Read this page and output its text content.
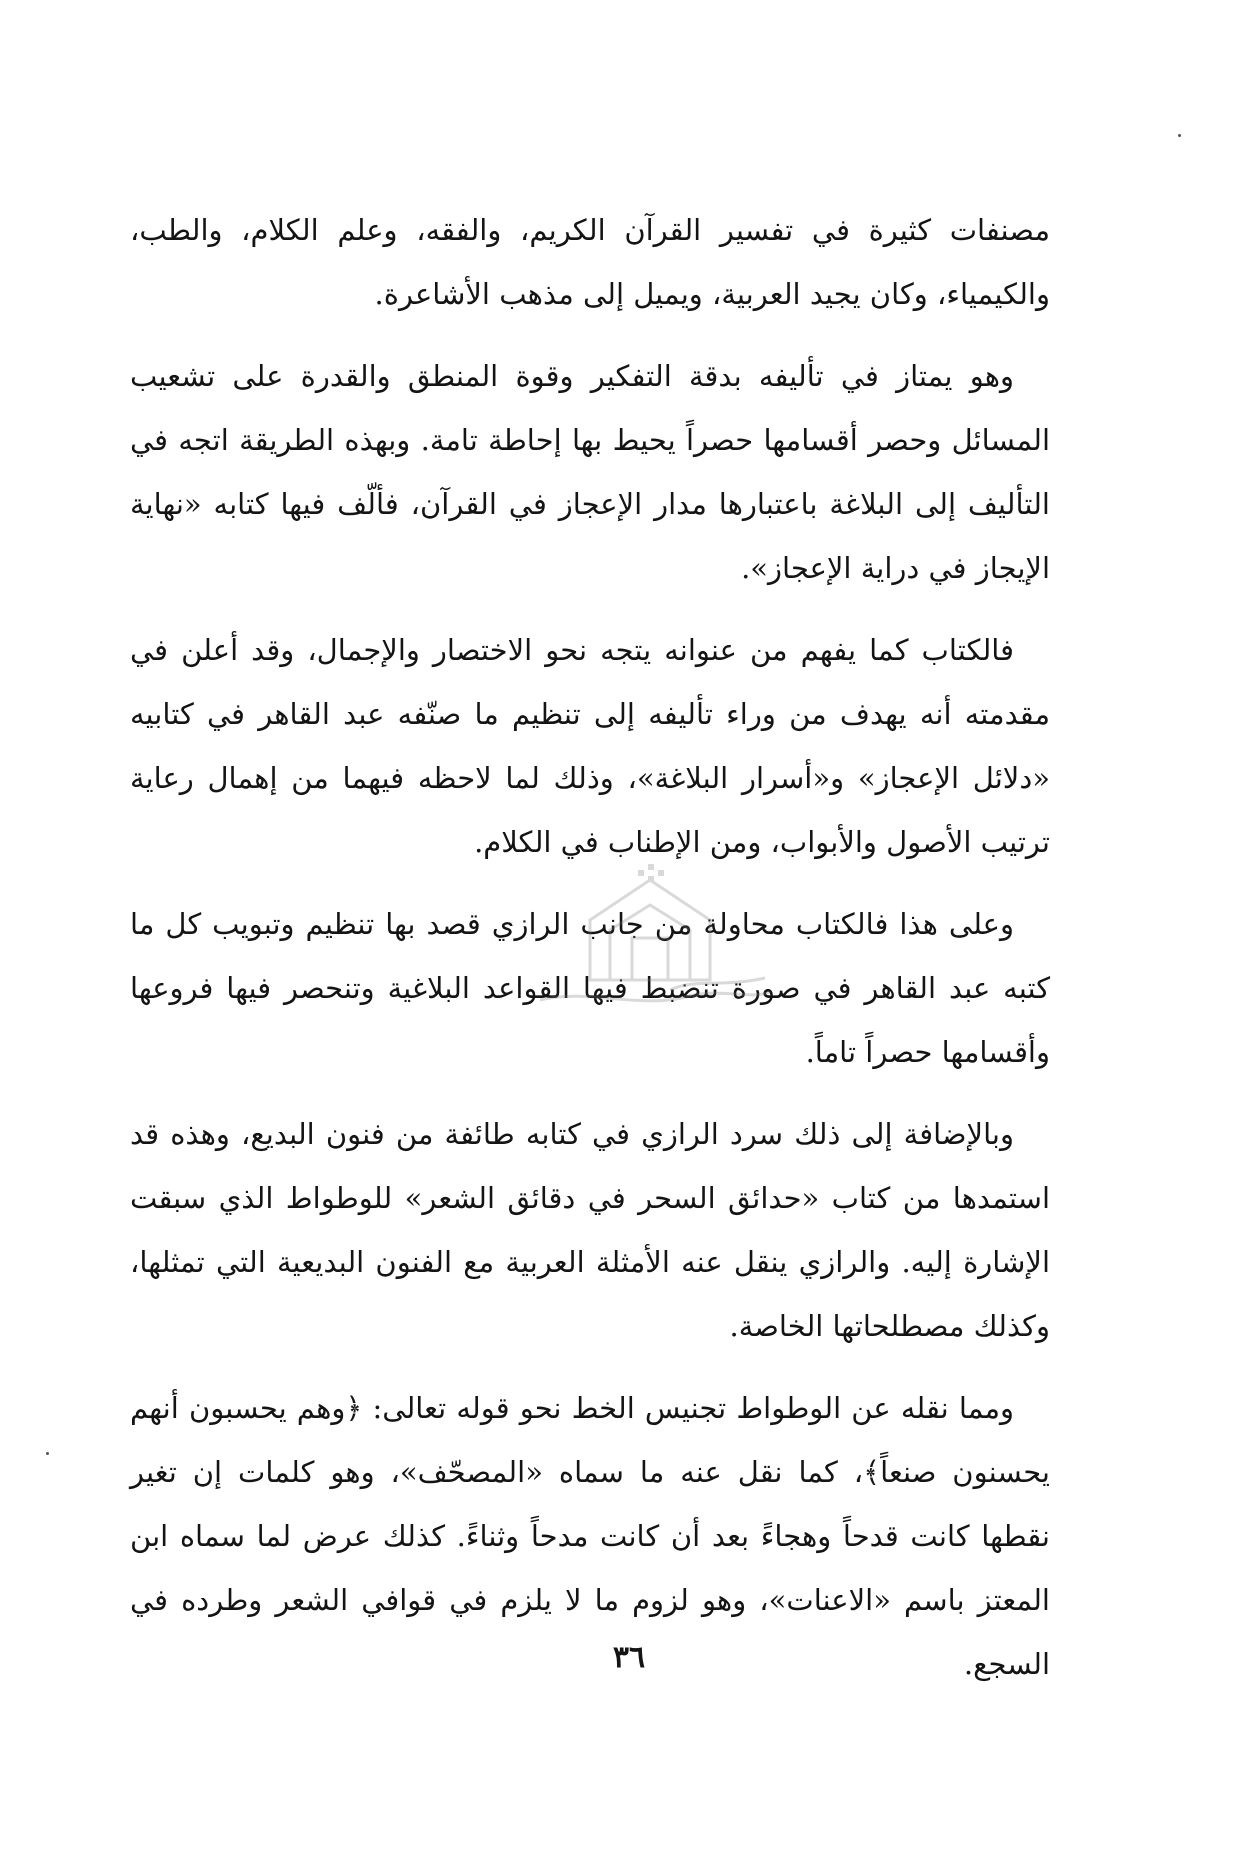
مصنفات كثيرة في تفسير القرآن الكريم، والفقه، وعلم الكلام، والطب، والكيمياء، وكان يجيد العربية، ويميل إلى مذهب الأشاعرة.

وهو يمتاز في تأليفه بدقة التفكير وقوة المنطق والقدرة على تشعيب المسائل وحصر أقسامها حصراً يحيط بها إحاطة تامة. وبهذه الطريقة اتجه في التأليف إلى البلاغة باعتبارها مدار الإعجاز في القرآن، فألّف فيها كتابه «نهاية الإيجاز في دراية الإعجاز».

فالكتاب كما يفهم من عنوانه يتجه نحو الاختصار والإجمال، وقد أعلن في مقدمته أنه يهدف من وراء تأليفه إلى تنظيم ما صنّفه عبد القاهر في كتابيه «دلائل الإعجاز» و«أسرار البلاغة»، وذلك لما لاحظه فيهما من إهمال رعاية ترتيب الأصول والأبواب، ومن الإطناب في الكلام.

وعلى هذا فالكتاب محاولة من جانب الرازي قصد بها تنظيم وتبويب كل ما كتبه عبد القاهر في صورة تنضبط فيها القواعد البلاغية وتنحصر فيها فروعها وأقسامها حصراً تاماً.

وبالإضافة إلى ذلك سرد الرازي في كتابه طائفة من فنون البديع، وهذه قد استمدها من كتاب «حدائق السحر في دقائق الشعر» للوطواط الذي سبقت الإشارة إليه. والرازي ينقل عنه الأمثلة العربية مع الفنون البديعية التي تمثلها، وكذلك مصطلحاتها الخاصة.

ومما نقله عن الوطواط تجنيس الخط نحو قوله تعالى: ﴿وهم يحسبون أنهم يحسنون صنعاً﴾، كما نقل عنه ما سماه «المصحّف»، وهو كلمات إن تغير نقطها كانت قدحاً وهجاءً بعد أن كانت مدحاً وثناءً. كذلك عرض لما سماه ابن المعتز باسم «الاعنات»، وهو لزوم ما لا يلزم في قوافي الشعر وطرده في السجع.

٣٦
